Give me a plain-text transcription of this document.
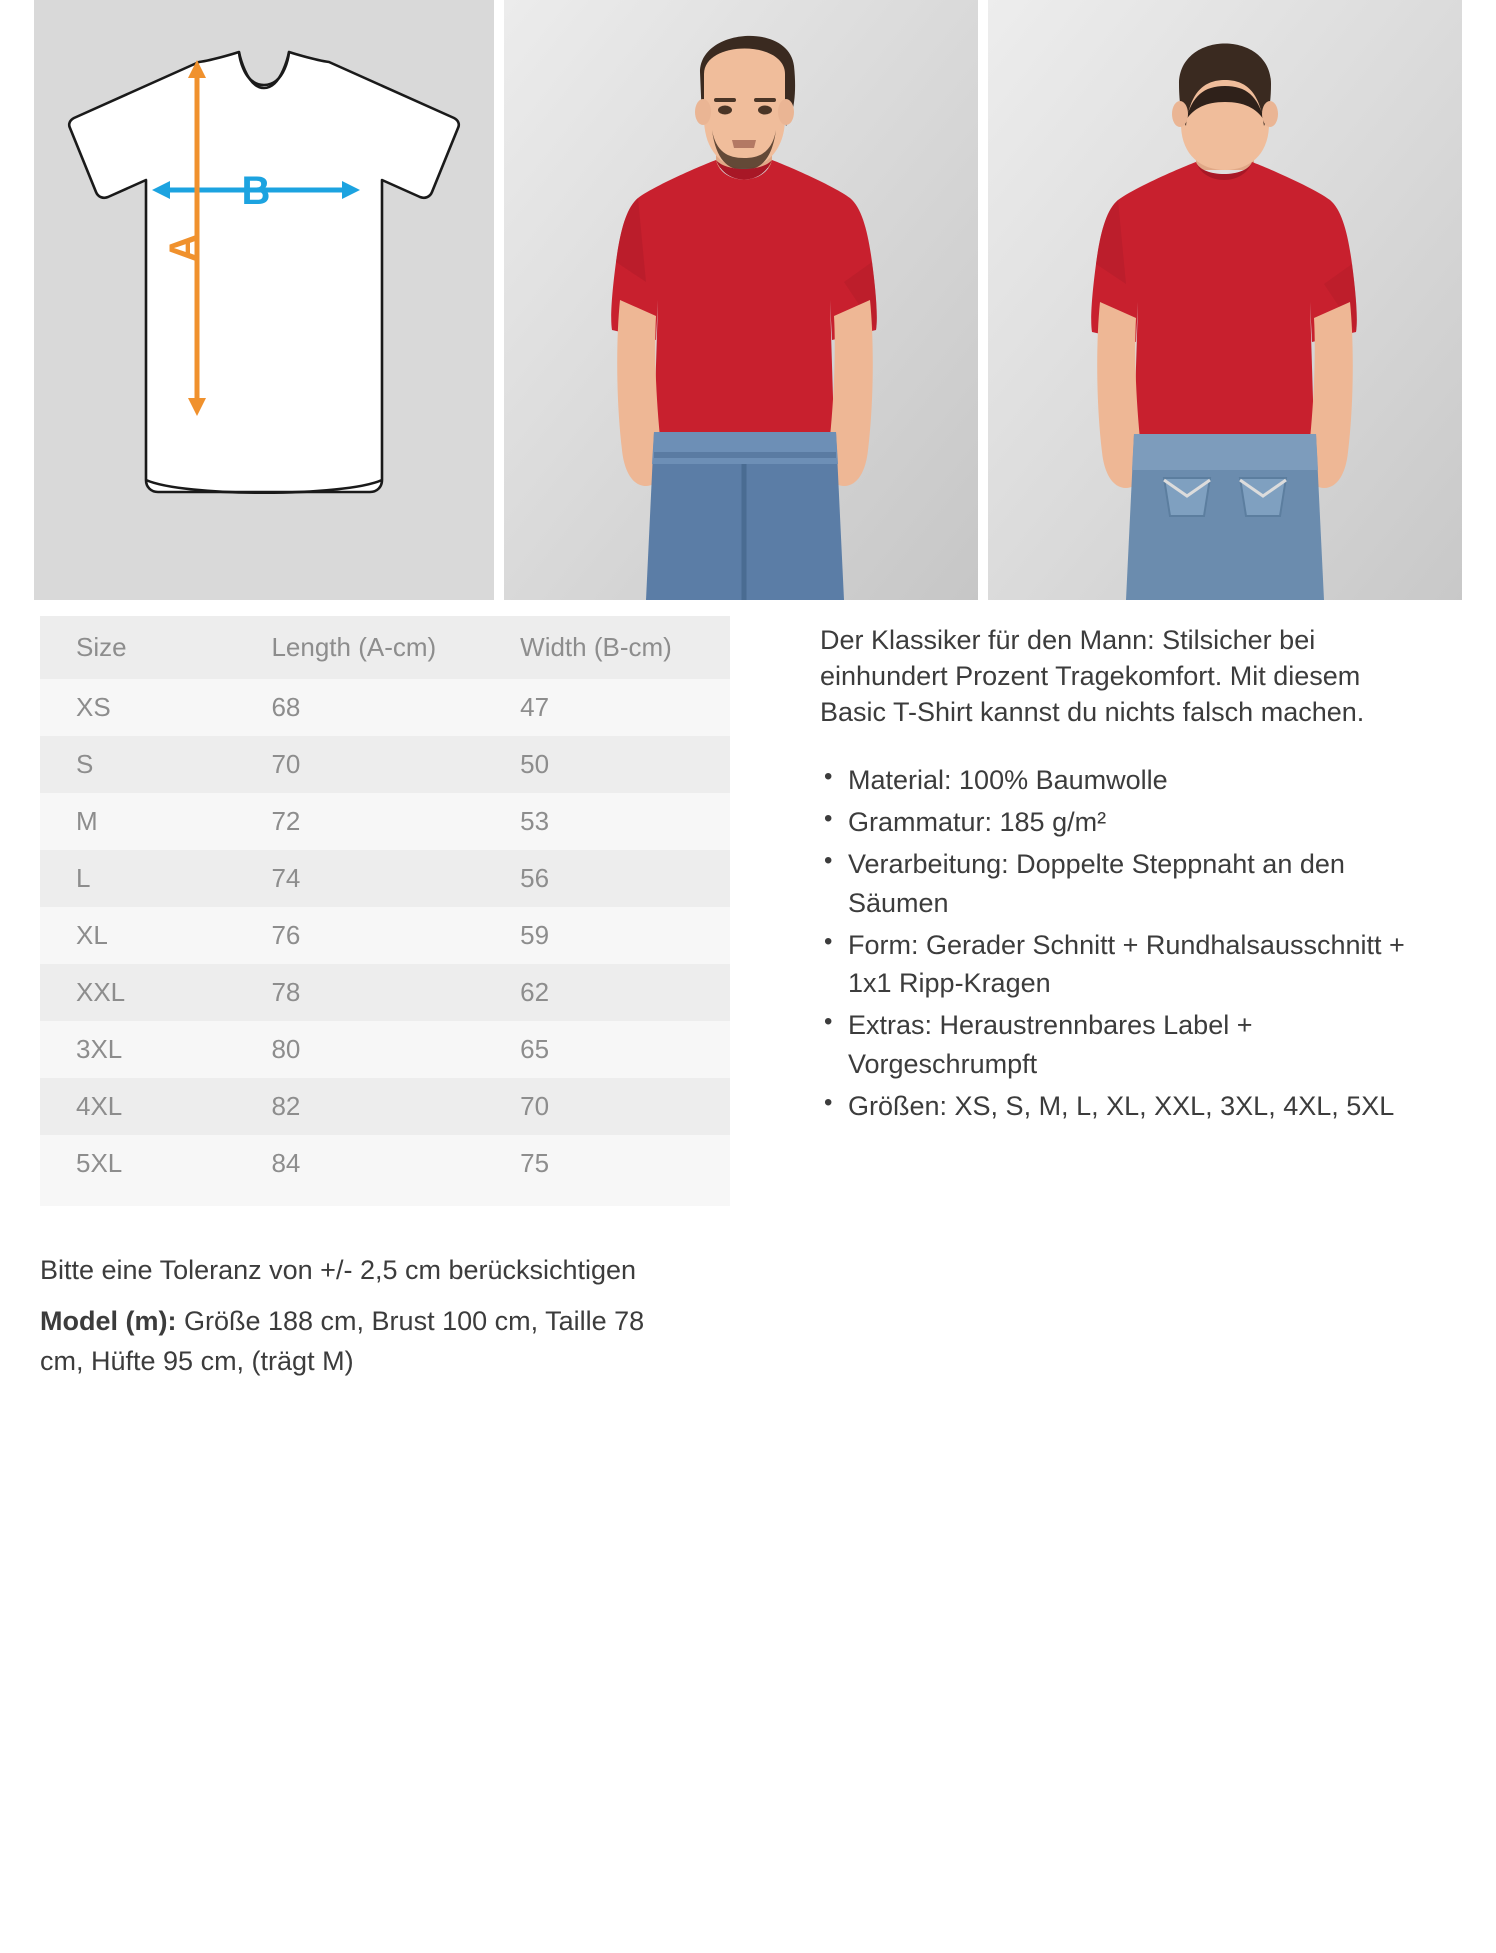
B
A
Size	Length (A-cm)	Width (B-cm)
XS	68	47
S	70	50
M	72	53
L	74	56
XL	76	59
XXL	78	62
3XL	80	65
4XL	82	70
5XL	84	75

Der Klassiker für den Mann: Stilsicher bei einhundert Prozent Tragekomfort. Mit diesem Basic T-Shirt kannst du nichts falsch machen.

• Material: 100% Baumwolle
• Grammatur: 185 g/m²
• Verarbeitung: Doppelte Steppnaht an den Säumen
• Form: Gerader Schnitt + Rundhalsausschnitt + 1x1 Ripp-Kragen
• Extras: Heraustrennbares Label + Vorgeschrumpft
• Größen: XS, S, M, L, XL, XXL, 3XL, 4XL, 5XL

Bitte eine Toleranz von +/- 2,5 cm berücksichtigen

Model (m): Größe 188 cm, Brust 100 cm, Taille 78 cm, Hüfte 95 cm, (trägt M)
